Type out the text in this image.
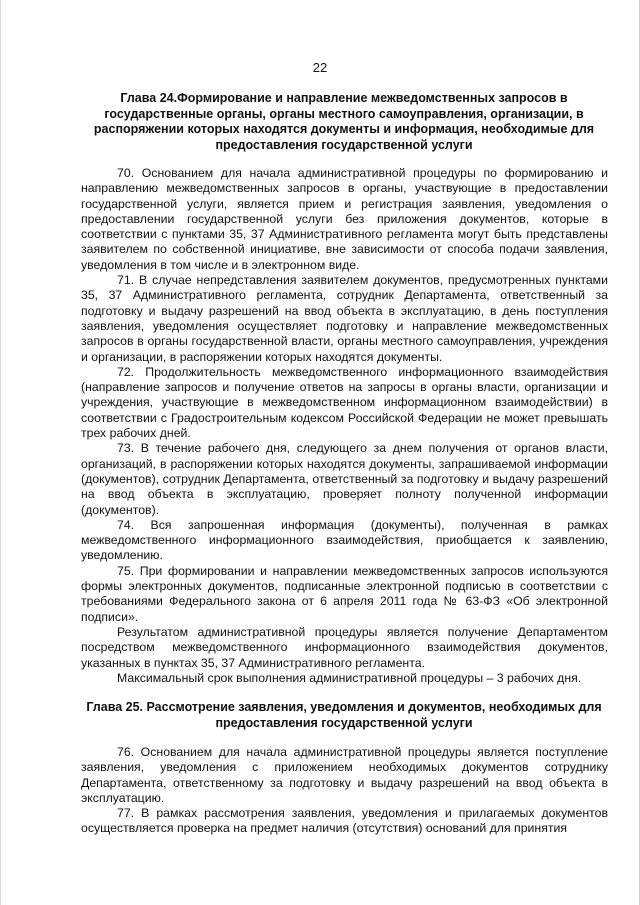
22
Глава 24.Формирование и направление межведомственных запросов в государственные органы, органы местного самоуправления, организации, в распоряжении которых находятся документы и информация, необходимые для предоставления государственной услуги

70. Основанием для начала административной процедуры по формированию и направлению межведомственных запросов в органы, участвующие в предоставлении государственной услуги, является прием и регистрация заявления, уведомления о предоставлении государственной услуги без приложения документов, которые в соответствии с пунктами 35, 37 Административного регламента могут быть представлены заявителем по собственной инициативе, вне зависимости от способа подачи заявления, уведомления в том числе и в электронном виде.

71. В случае непредставления заявителем документов, предусмотренных пунктами 35, 37 Административного регламента, сотрудник Департамента, ответственный за подготовку и выдачу разрешений на ввод объекта в эксплуатацию, в день поступления заявления, уведомления осуществляет подготовку и направление межведомственных запросов в органы государственной власти, органы местного самоуправления, учреждения и организации, в распоряжении которых находятся документы.

72. Продолжительность межведомственного информационного взаимодействия (направление запросов и получение ответов на запросы в органы власти, организации и учреждения, участвующие в межведомственном информационном взаимодействии) в соответствии с Градостроительным кодексом Российской Федерации не может превышать трех рабочих дней.

73. В течение рабочего дня, следующего за днем получения от органов власти, организаций, в распоряжении которых находятся документы, запрашиваемой информации (документов), сотрудник Департамента, ответственный за подготовку и выдачу разрешений на ввод объекта в эксплуатацию, проверяет полноту полученной информации (документов).

74. Вся запрошенная информация (документы), полученная в рамках межведомственного информационного взаимодействия, приобщается к заявлению, уведомлению.

75. При формировании и направлении межведомственных запросов используются формы электронных документов, подписанные электронной подписью в соответствии с требованиями Федерального закона от 6 апреля 2011 года № 63-ФЗ «Об электронной подписи».

Результатом административной процедуры является получение Департаментом посредством межведомственного информационного взаимодействия документов, указанных в пунктах 35, 37 Административного регламента.

Максимальный срок выполнения административной процедуры – 3 рабочих дня.

Глава 25. Рассмотрение заявления, уведомления и документов, необходимых для предоставления государственной услуги

76. Основанием для начала административной процедуры является поступление заявления, уведомления с приложением необходимых документов сотруднику Департамента, ответственному за подготовку и выдачу разрешений на ввод объекта в эксплуатацию.

77. В рамках рассмотрения заявления, уведомления и прилагаемых документов осуществляется проверка на предмет наличия (отсутствия) оснований для принятия
